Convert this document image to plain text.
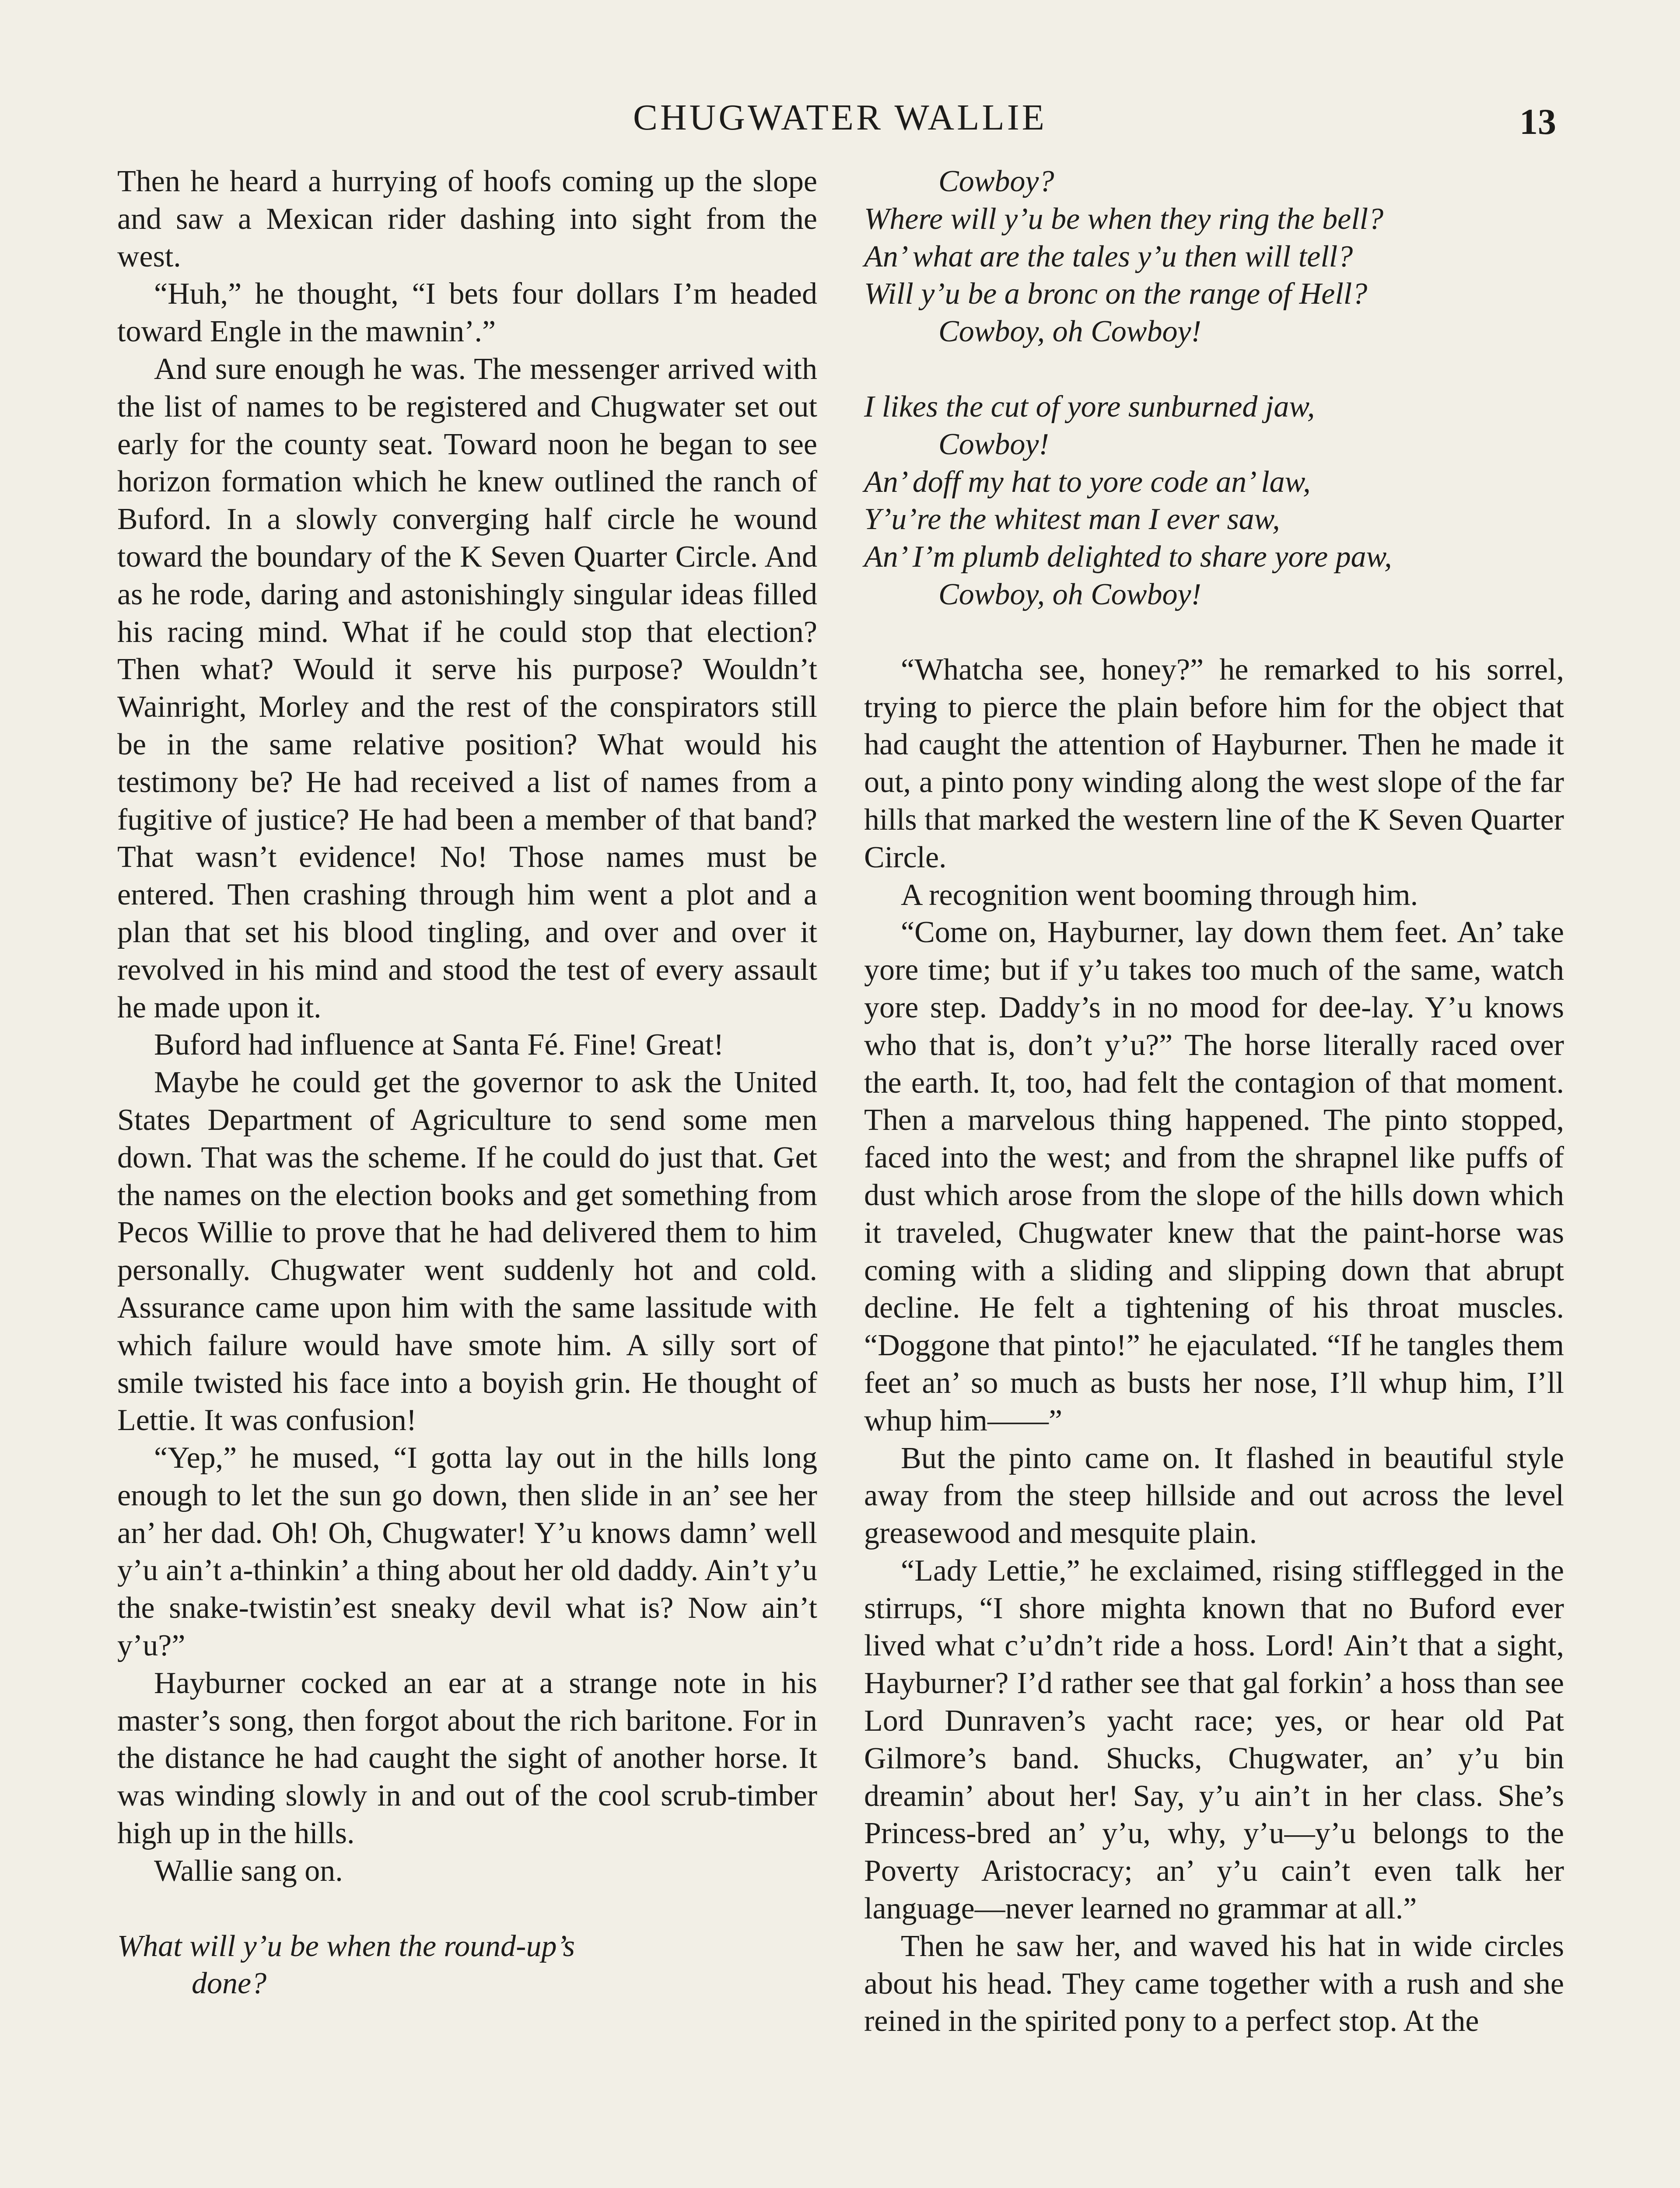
CHUGWATER WALLIE	13

Then he heard a hurrying of hoofs coming up the slope and saw a Mexican rider dashing into sight from the west.

“Huh,” he thought, “I bets four dollars I’m headed toward Engle in the mawnin’.”

And sure enough he was. The messenger arrived with the list of names to be registered and Chugwater set out early for the county seat. Toward noon he began to see horizon formation which he knew outlined the ranch of Buford. In a slowly converging half circle he wound toward the boundary of the K Seven Quarter Circle. And as he rode, daring and astonishingly singular ideas filled his racing mind. What if he could stop that election? Then what? Would it serve his purpose? Wouldn’t Wainright, Morley and the rest of the conspirators still be in the same relative position? What would his testimony be? He had received a list of names from a fugitive of justice? He had been a member of that band? That wasn’t evidence! No! Those names must be entered. Then crashing through him went a plot and a plan that set his blood tingling, and over and over it revolved in his mind and stood the test of every assault he made upon it.

Buford had influence at Santa Fé. Fine! Great!

Maybe he could get the governor to ask the United States Department of Agriculture to send some men down. That was the scheme. If he could do just that. Get the names on the election books and get something from Pecos Willie to prove that he had delivered them to him personally. Chugwater went suddenly hot and cold. Assurance came upon him with the same lassitude with which failure would have smote him. A silly sort of smile twisted his face into a boyish grin. He thought of Lettie. It was confusion!

“Yep,” he mused, “I gotta lay out in the hills long enough to let the sun go down, then slide in an’ see her an’ her dad. Oh! Oh, Chugwater! Y’u knows damn’ well y’u ain’t a-thinkin’ a thing about her old daddy. Ain’t y’u the snake-twistin’est sneaky devil what is? Now ain’t y’u?”

Hayburner cocked an ear at a strange note in his master’s song, then forgot about the rich baritone. For in the distance he had caught the sight of another horse. It was winding slowly in and out of the cool scrub-timber high up in the hills.

Wallie sang on.

What will y’u be when the round-up’s
done?
Cowboy?
Where will y’u be when they ring the bell?
An’ what are the tales y’u then will tell?
Will y’u be a bronc on the range of Hell?
Cowboy, oh Cowboy!
I likes the cut of yore sunburned jaw,
Cowboy!
An’ doff my hat to yore code an’ law,
Y’u’re the whitest man I ever saw,
An’ I’m plumb delighted to share yore paw,
Cowboy, oh Cowboy!

“Whatcha see, honey?” he remarked to his sorrel, trying to pierce the plain before him for the object that had caught the attention of Hayburner. Then he made it out, a pinto pony winding along the west slope of the far hills that marked the western line of the K Seven Quarter Circle.

A recognition went booming through him.

“Come on, Hayburner, lay down them feet. An’ take yore time; but if y’u takes too much of the same, watch yore step. Daddy’s in no mood for dee-lay. Y’u knows who that is, don’t y’u?” The horse literally raced over the earth. It, too, had felt the contagion of that moment. Then a marvelous thing happened. The pinto stopped, faced into the west; and from the shrapnel like puffs of dust which arose from the slope of the hills down which it traveled, Chugwater knew that the paint-horse was coming with a sliding and slipping down that abrupt decline. He felt a tightening of his throat muscles. “Doggone that pinto!” he ejaculated. “If he tangles them feet an’ so much as busts her nose, I’ll whup him, I’ll whup him——”

But the pinto came on. It flashed in beautiful style away from the steep hillside and out across the level greasewood and mesquite plain.

“Lady Lettie,” he exclaimed, rising stifflegged in the stirrups, “I shore mighta known that no Buford ever lived what c’u’dn’t ride a hoss. Lord! Ain’t that a sight, Hayburner? I’d rather see that gal forkin’ a hoss than see Lord Dunraven’s yacht race; yes, or hear old Pat Gilmore’s band. Shucks, Chugwater, an’ y’u bin dreamin’ about her! Say, y’u ain’t in her class. She’s Princess-bred an’ y’u, why, y’u—y’u belongs to the Poverty Aristocracy; an’ y’u cain’t even talk her language—never learned no grammar at all.”

Then he saw her, and waved his hat in wide circles about his head. They came together with a rush and she reined in the spirited pony to a perfect stop. At the
